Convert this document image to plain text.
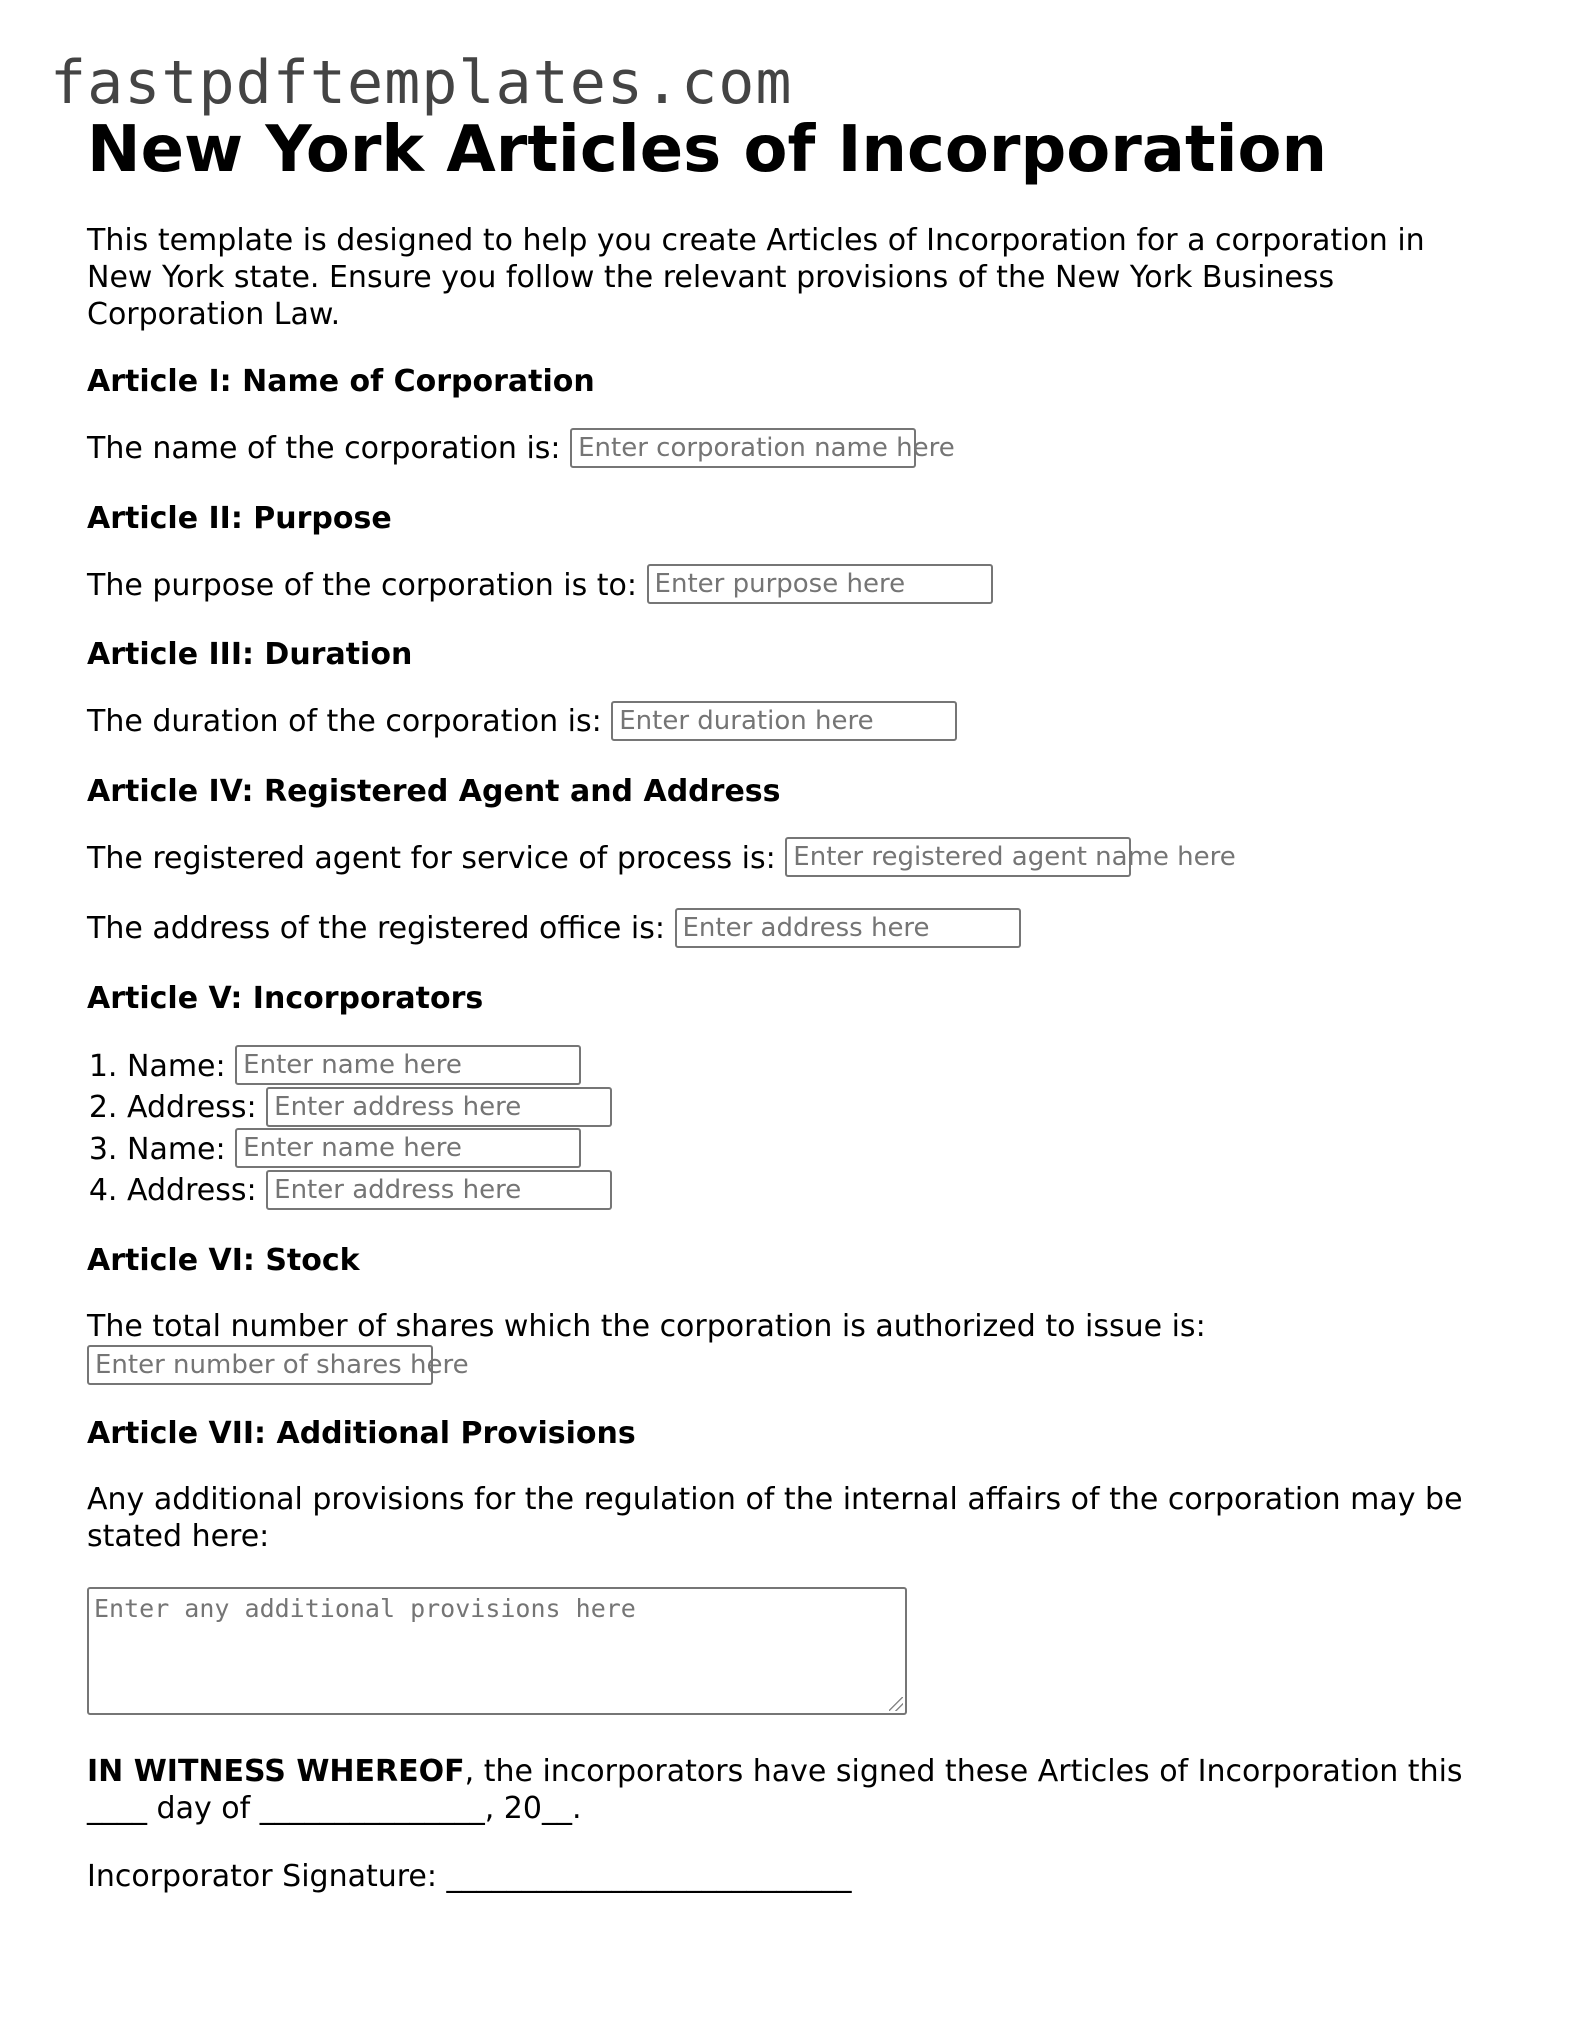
fastpdftemplates.com
New York Articles of Incorporation

This template is designed to help you create Articles of Incorporation for a corporation in New York state. Ensure you follow the relevant provisions of the New York Business Corporation Law.

Article I: Name of Corporation

The name of the corporation is: Enter corporation name here

Article II: Purpose

The purpose of the corporation is to: Enter purpose here

Article III: Duration

The duration of the corporation is: Enter duration here

Article IV: Registered Agent and Address

The registered agent for service of process is: Enter registered agent name here

The address of the registered office is: Enter address here

Article V: Incorporators
1. Name: Enter name here
2. Address: Enter address here
3. Name: Enter name here
4. Address: Enter address here
Article VI: Stock

The total number of shares which the corporation is authorized to issue is:
Enter number of shares here

Article VII: Additional Provisions

Any additional provisions for the regulation of the internal affairs of the corporation may be stated here:

Enter any additional provisions here

IN WITNESS WHEREOF, the incorporators have signed these Articles of Incorporation this ____ day of _______________, 20__.

Incorporator Signature: ___________________________
